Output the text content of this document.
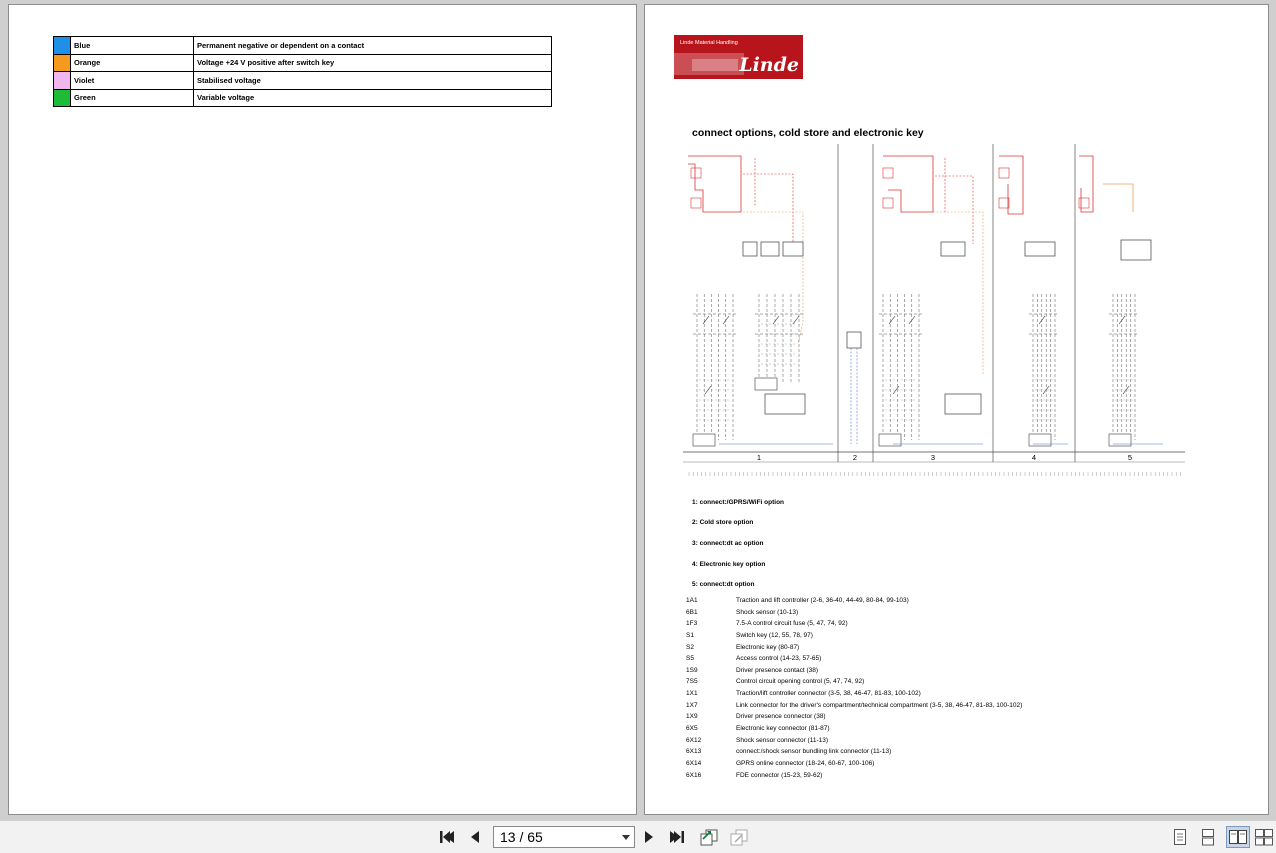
	Blue	Permanent negative or dependent on a contact
	Orange	Voltage +24 V positive after switch key
	Violet	Stabilised voltage
	Green	Variable voltage
Linde Material Handling
Linde
connect options, cold store and electronic key
1	2	3	4	5
1: connect:/GPRS/WiFi option
2: Cold store option
3: connect:dt ac option
4: Electronic key option
5: connect:dt option
1A1	Traction and lift controller (2-6, 36-40, 44-49, 80-84, 99-103)
6B1	Shock sensor (10-13)
1F3	7.5-A control circuit fuse (5, 47, 74, 92)
S1	Switch key (12, 55, 78, 97)
S2	Electronic key (80-87)
S5	Access control (14-23, 57-65)
1S9	Driver presence contact (38)
7S5	Control circuit opening control (5, 47, 74, 92)
1X1	Traction/lift controller connector (3-5, 38, 46-47, 81-83, 100-102)
1X7	Link connector for the driver's compartment/technical compartment (3-5, 38, 46-47, 81-83, 100-102)
1X9	Driver presence connector (38)
6X5	Electronic key connector (81-87)
6X12	Shock sensor connector (11-13)
6X13	connect:/shock sensor bundling link connector (11-13)
6X14	GPRS online connector (18-24, 60-67, 100-106)
6X16	FDE connector (15-23, 59-62)
13 / 65
